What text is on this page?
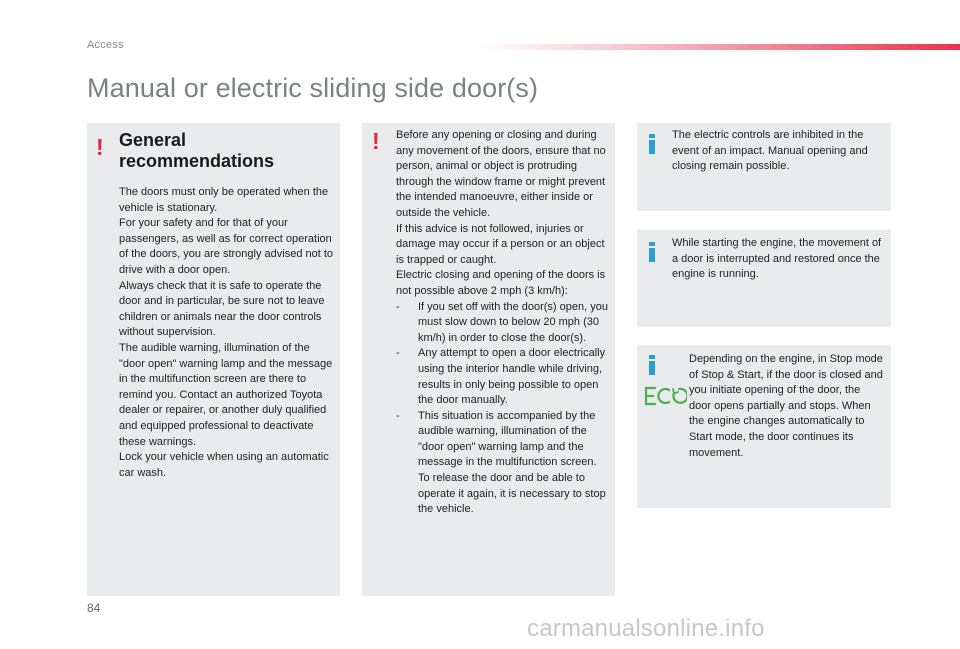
Access
Manual or electric sliding side door(s)
! General recommendations

The doors must only be operated when the vehicle is stationary.

For your safety and for that of your passengers, as well as for correct operation of the doors, you are strongly advised not to drive with a door open.

Always check that it is safe to operate the door and in particular, be sure not to leave children or animals near the door controls without supervision.

The audible warning, illumination of the "door open" warning lamp and the message in the multifunction screen are there to remind you. Contact an authorized Toyota dealer or repairer, or another duly qualified and equipped professional to deactivate these warnings.

Lock your vehicle when using an automatic car wash.

! Before any opening or closing and during any movement of the doors, ensure that no person, animal or object is protruding through the window frame or might prevent the intended manoeuvre, either inside or outside the vehicle.

If this advice is not followed, injuries or damage may occur if a person or an object is trapped or caught.

Electric closing and opening of the doors is not possible above 2 mph (3 km/h):

- If you set off with the door(s) open, you must slow down to below 20 mph (30 km/h) in order to close the door(s).
- Any attempt to open a door electrically using the interior handle while driving, results in only being possible to open the door manually.
- This situation is accompanied by the audible warning, illumination of the "door open" warning lamp and the message in the multifunction screen. To release the door and be able to operate it again, it is necessary to stop the vehicle.
The electric controls are inhibited in the event of an impact. Manual opening and closing remain possible.
While starting the engine, the movement of a door is interrupted and restored once the engine is running.
Depending on the engine, in Stop mode of Stop & Start, if the door is closed and you initiate opening of the door, the door opens partially and stops. When the engine changes automatically to Start mode, the door continues its movement.
84
carmanualsonline.info
